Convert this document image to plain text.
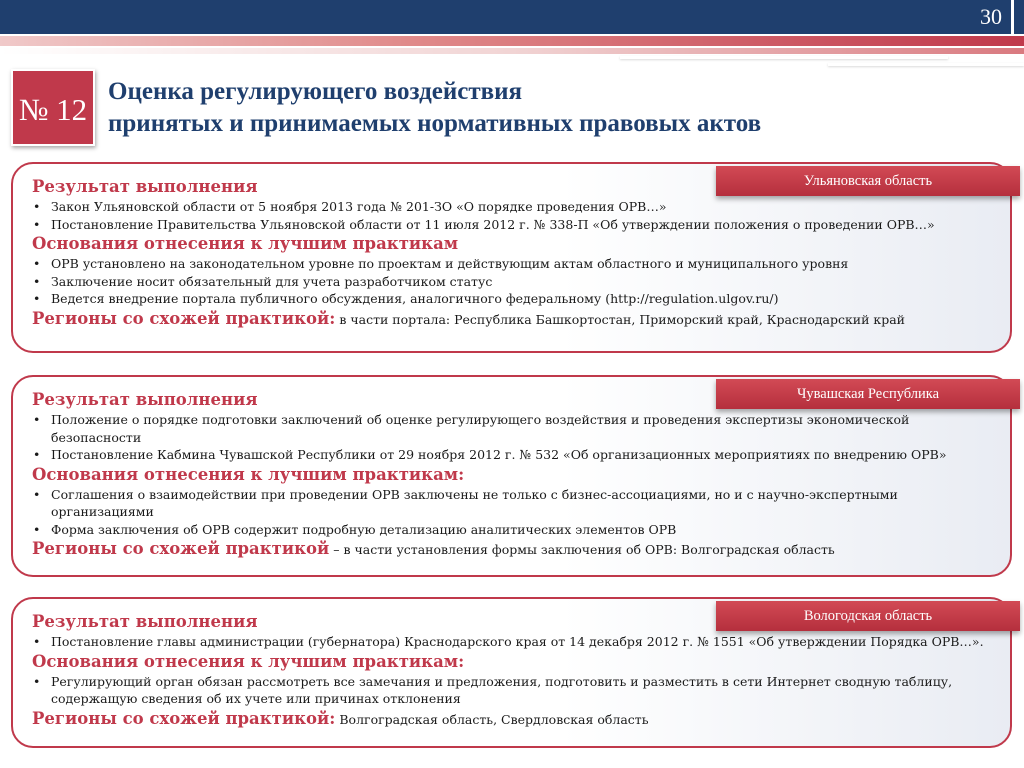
30
№ 12
Оценка регулирующего воздействия
принятых и принимаемых нормативных правовых актов
Ульяновская область
Результат выполнения
• Закон Ульяновской области от 5 ноября 2013 года № 201-ЗО «О порядке проведения ОРВ…»
• Постановление Правительства Ульяновской области от 11 июля 2012 г. № 338-П «Об утверждении положения о проведении ОРВ…»
Основания отнесения к лучшим практикам
• ОРВ установлено на законодательном уровне по проектам и действующим актам областного и муниципального уровня
• Заключение носит обязательный для учета разработчиком статус
• Ведется внедрение портала публичного обсуждения, аналогичного федеральному (http://regulation.ulgov.ru/)
Регионы со схожей практикой: в части портала: Республика Башкортостан, Приморский край, Краснодарский край
Чувашская Республика
Результат выполнения
• Положение о порядке подготовки заключений об оценке регулирующего воздействия и проведения экспертизы экономической безопасности
• Постановление Кабмина Чувашской Республики от 29 ноября 2012 г. № 532 «Об организационных мероприятиях по внедрению ОРВ»
Основания отнесения к лучшим практикам:
• Соглашения о взаимодействии при проведении ОРВ заключены не только с бизнес-ассоциациями, но и с научно-экспертными организациями
• Форма заключения об ОРВ содержит подробную детализацию аналитических элементов ОРВ
Регионы со схожей практикой – в части установления формы заключения об ОРВ: Волгоградская область
Вологодская область
Результат выполнения
• Постановление главы администрации (губернатора) Краснодарского края от 14 декабря 2012 г. № 1551 «Об утверждении Порядка ОРВ…».
Основания отнесения к лучшим практикам:
• Регулирующий орган обязан рассмотреть все замечания и предложения, подготовить и разместить в сети Интернет сводную таблицу, содержащую сведения об их учете или причинах отклонения
Регионы со схожей практикой: Волгоградская область, Свердловская область
